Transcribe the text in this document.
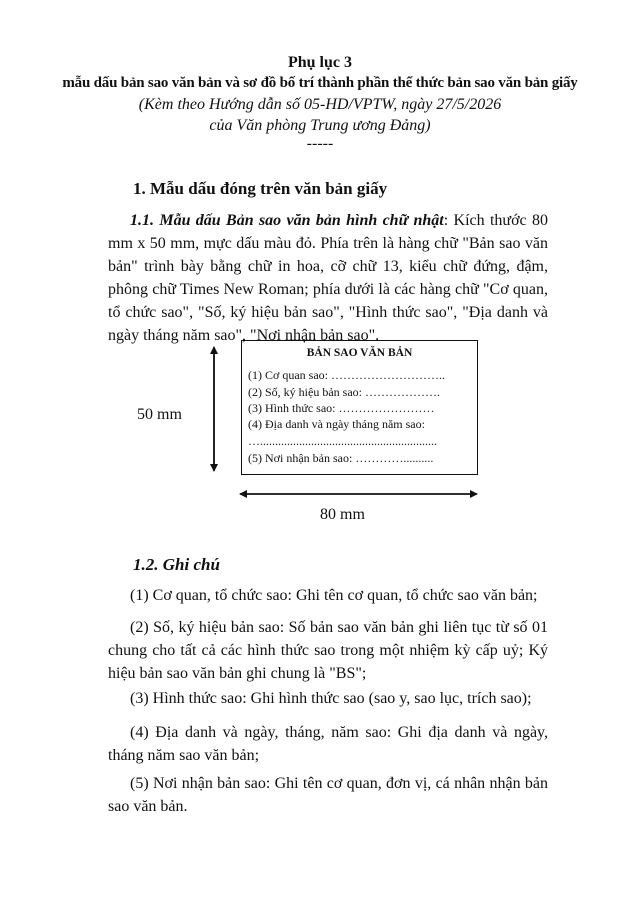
Phụ lục 3
mẫu dấu bản sao văn bản và sơ đồ bố trí thành phần thể thức bản sao văn bản giấy
(Kèm theo Hướng dẫn số 05-HD/VPTW, ngày 27/5/2026
của Văn phòng Trung ương Đảng)
-----
1. Mẫu dấu đóng trên văn bản giấy
1.1. Mẫu dấu Bản sao văn bản hình chữ nhật: Kích thước 80 mm x 50 mm, mực dấu màu đỏ. Phía trên là hàng chữ "Bản sao văn bản" trình bày bằng chữ in hoa, cỡ chữ 13, kiểu chữ đứng, đậm, phông chữ Times New Roman; phía dưới là các hàng chữ "Cơ quan, tổ chức sao", "Số, ký hiệu bản sao", "Hình thức sao", "Địa danh và ngày tháng năm sao", "Nơi nhận bản sao".
BẢN SAO VĂN BẢN
(1) Cơ quan sao: ………………………..
(2) Số, ký hiệu bản sao: ……………….
(3) Hình thức sao: ……………………
(4) Địa danh và ngày tháng năm sao:
…...........................................................
(5) Nơi nhận bản sao: …………..........
50 mm
80 mm
1.2. Ghi chú
(1) Cơ quan, tổ chức sao: Ghi tên cơ quan, tổ chức sao văn bản;
(2) Số, ký hiệu bản sao: Số bản sao văn bản ghi liên tục từ số 01 chung cho tất cả các hình thức sao trong một nhiệm kỳ cấp uỷ; Ký hiệu bản sao văn bản ghi chung là "BS";
(3) Hình thức sao: Ghi hình thức sao (sao y, sao lục, trích sao);
(4) Địa danh và ngày, tháng, năm sao: Ghi địa danh và ngày, tháng năm sao văn bản;
(5) Nơi nhận bản sao: Ghi tên cơ quan, đơn vị, cá nhân nhận bản sao văn bản.
